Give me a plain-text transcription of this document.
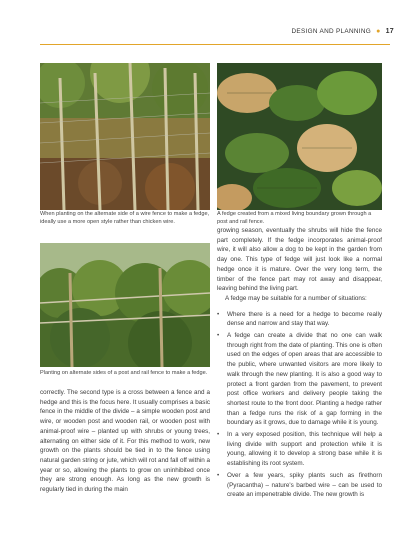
DESIGN AND PLANNING ● 17
When planting on the alternate side of a wire fence to make a fedge, ideally use a more open style rather than chicken wire.
A fedge created from a mixed living boundary grown through a post and rail fence.
Planting on alternate sides of a post and rail fence to make a fedge.

correctly. The second type is a cross between a fence and a hedge and this is the focus here. It usually comprises a basic fence in the middle of the divide – a simple wooden post and wire, or wooden post and wooden rail, or wooden post with animal-proof wire – planted up with shrubs or young trees, alternating on either side of it. For this method to work, new growth on the plants should be tied in to the fence using natural garden string or jute, which will rot and fall off within a year or so, allowing the plants to grow on uninhibited once they are strong enough. As long as the new growth is regularly tied in during the main

growing season, eventually the shrubs will hide the fence part completely. If the fedge incorporates animal-proof wire, it will also allow a dog to be kept in the garden from day one. This type of fedge will just look like a normal hedge once it is mature. Over the very long term, the timber of the fence part may rot away and disappear, leaving behind the living part.

A fedge may be suitable for a number of situations:

• Where there is a need for a hedge to become really dense and narrow and stay that way.
• A fedge can create a divide that no one can walk through right from the date of planting. This one is often used on the edges of open areas that are accessible to the public, where unwanted visitors are more likely to walk through the new planting. It is also a good way to protect a front garden from the pavement, to prevent post office workers and delivery people taking the shortest route to the front door. Planting a hedge rather than a fedge runs the risk of a gap forming in the boundary as it grows, due to damage while it is young.
• In a very exposed position, this technique will help a living divide with support and protection while it is young, allowing it to develop a strong base while it is establishing its root system.
• Over a few years, spiky plants such as firethorn (Pyracantha) – nature's barbed wire – can be used to create an impenetrable divide. The new growth is
